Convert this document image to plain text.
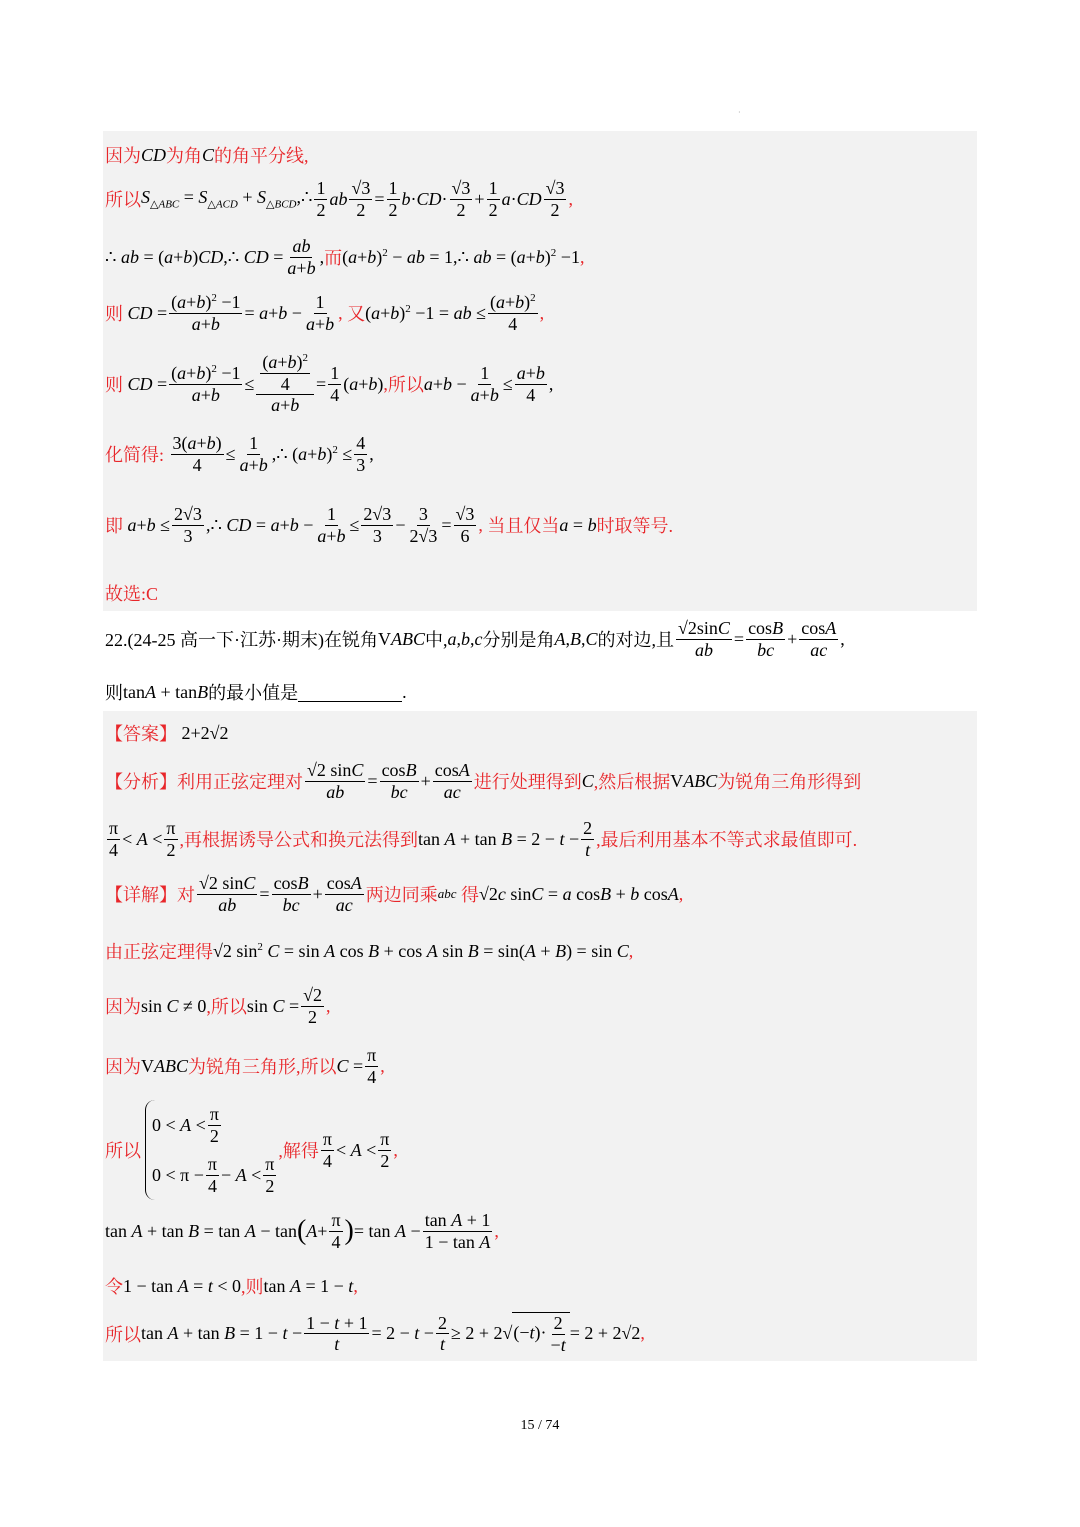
·
因为 CD 为角 C 的角平分线,
所以 $S_{\triangle ABC} = S_{\triangle ACD}$ + $S_{\triangle BCD},\therefore \frac{1}{2}$ ab $\frac{√3}{2} = \frac{1}{2}$ b · CD · $\frac{√3}{2} + \frac{1}{2}$ a · CD $\frac{√3}{2}$ ,
∴ ab = (a+b)CD,∴ CD = $\frac{ab}{a+b}$ , 而 $(a+b)^2$ − ab = 1,∴ ab = $(a+b)^2 -1$ ,
则
CD = $\frac{(a+b)^2 -1}{a+b} = a+b - \frac{1}{a+b}$ ,
又 $(a+b)^2 -1$ = ab ≤ $\frac{(a+b)^2}{4}$ ,
则
CD = $\frac{(a+b)^2 -1}{a+b} \le \frac{\frac{(a+b)^2}{4}}{a+b} = \frac{1}{4} (a+b)$ , 所以 $a+b - \frac{1}{a+b} \le \frac{a+b}{4}$ ,
化简得:
$\frac{3(a+b)}{4} \le \frac{1}{a+b}$ ,∴ $(a+b)^2 \le \frac{4}{3}$ ,
即
$a+b \le \frac{2√3}{3}$ ,∴ CD = $a+b - \frac{1}{a+b} \le \frac{2√3}{3} - \frac{3}{2√3} = \frac{√3}{6}$ ,
当且仅当 a = b 时取等号.
故选:C
22.(24-25 高一下·江苏·期末)在锐角 VABC 中, a,b,c 分别是角 A,B,C 的对边,且 $\frac{√2\sin C}{ab} = \frac{\cos B}{bc} + \frac{\cos A}{ac}$ ,
则 tanA + tanB 的最小值是	.
【答案】
2+2√2
【分析】 利用正弦定理对 $\frac{√2 \sin C}{ab} = \frac{\cos B}{bc} + \frac{\cos A}{ac}$ 进行处理得到 C ,然后根据 VABC 为锐角三角形得到
$\frac{\pi}{4} < A < \frac{\pi}{2}$ ,再根据诱导公式和换元法得到 $\tan A + \tan B = 2 - t - \frac{2}{t}$ ,最后利用基本不等式求最值即可.
【详解】 对 $\frac{√2 \sin C}{ab} = \frac{\cos B}{bc} + \frac{\cos A}{ac}$ 两边同乘 abc
得 √2c sinC = a cosB + b cosA ,
由正弦定理得 √2 $\sin^2 C = \sin A$ cos B + cos A sin B = sin(A + B) = sin C ,
因为 sin C ≠ 0 ,所以 $\sin C = \frac{√2}{2}$ ,
因为 VABC 为锐角三角形,所以 $C = \frac{\pi}{4}$ ,
所以
$0 < A < \frac{\pi}{2}$
$0 < \pi - \frac{\pi}{4} - A < \frac{\pi}{2}$
,解得 $\frac{\pi}{4} < A < \frac{\pi}{2}$ ,
tan A + tan B = tan A − tan ( $A + \frac{\pi}{4}$ ) = $\tan A - \frac{\text{tan A + 1}}{\text{1 − tan A}}$ ,
令 1 − tan A = t < 0 ,则 tan A = 1 − t ,
所以 $\tan A + \tan B = 1 - t - \frac{1 - t + 1}{t} = 2 - t - \frac{2}{t} \ge 2 + 2√$ $(-t)\cdot \frac{2}{-t} = 2 + 2√2$ ,
15 / 74
